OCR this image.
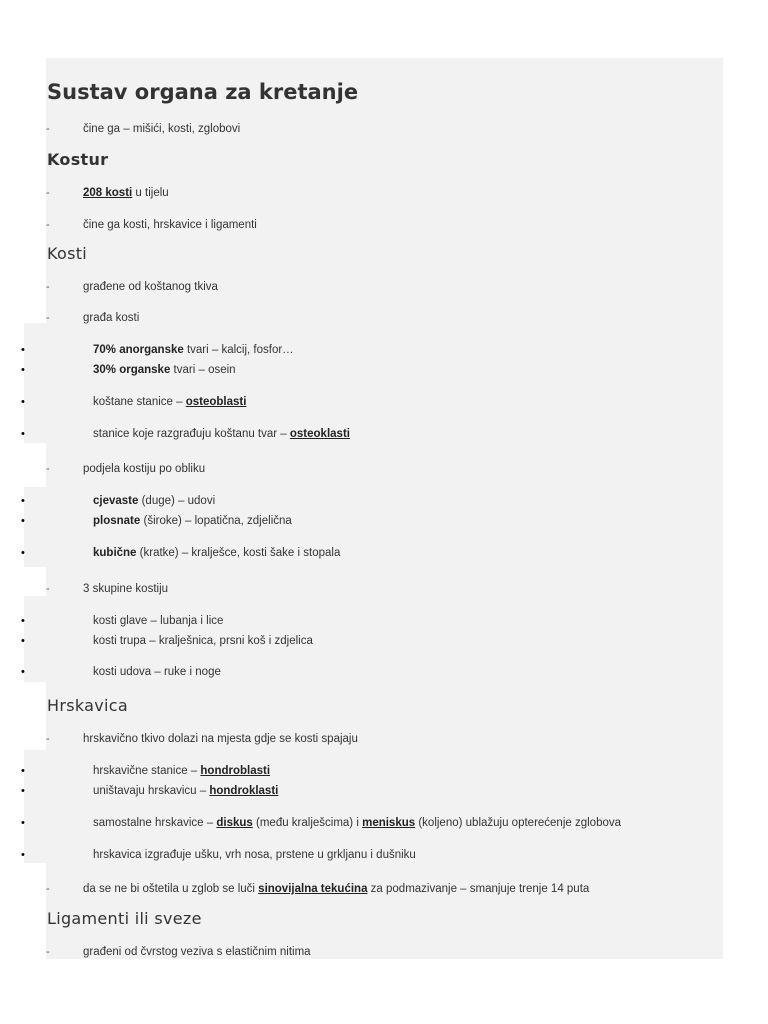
Sustav organa za kretanje
-	čine ga – mišići, kosti, zglobovi
Kostur
-	208 kosti u tijelu
-	čine ga kosti, hrskavice i ligamenti
Kosti
-	građene od koštanog tkiva
-	građa kosti
•	70% anorganske tvari – kalcij, fosfor…
•	30% organske tvari – osein
•	koštane stanice – osteoblasti
•	stanice koje razgrađuju koštanu tvar – osteoklasti
-	podjela kostiju po obliku
•	cjevaste (duge) – udovi
•	plosnate (široke) – lopatična, zdjelična
•	kubične (kratke) – kralješce, kosti šake i stopala
-	3 skupine kostiju
•	kosti glave – lubanja i lice
•	kosti trupa – kralješnica, prsni koš i zdjelica
•	kosti udova – ruke i noge
Hrskavica
-	hrskavično tkivo dolazi na mjesta gdje se kosti spajaju
•	hrskavične stanice – hondroblasti
•	uništavaju hrskavicu – hondroklasti
•	samostalne hrskavice – diskus (među kralješcima) i meniskus (koljeno) ublažuju opterećenje zglobova
•	hrskavica izgrađuje ušku, vrh nosa, prstene u grkljanu i dušniku
-	da se ne bi oštetila u zglob se luči sinovijalna tekućina za podmazivanje – smanjuje trenje 14 puta
Ligamenti ili sveze
-	građeni od čvrstog veziva s elastičnim nitima
